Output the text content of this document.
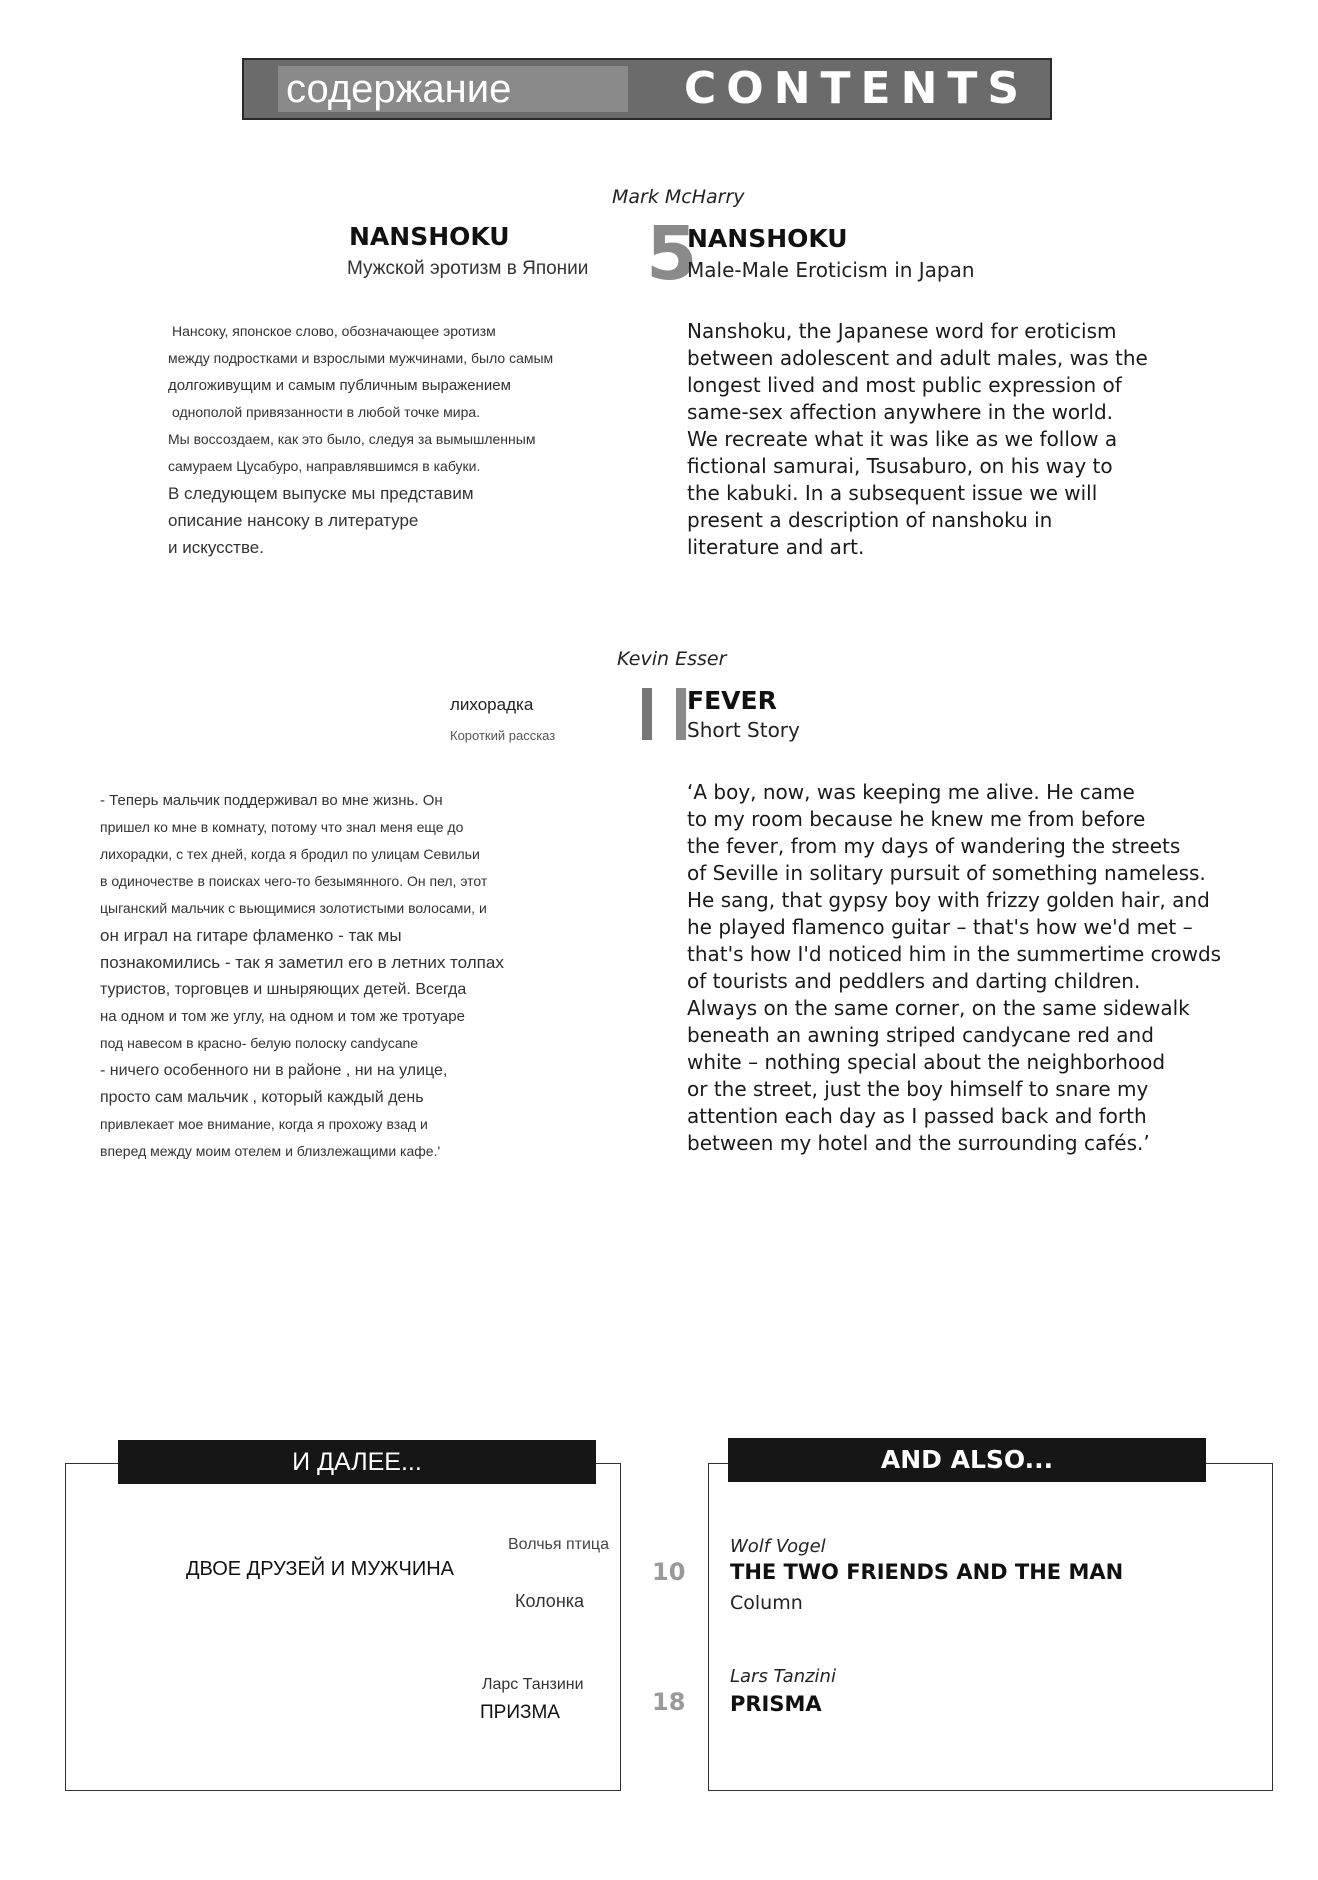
содержание	CONTENTS
Mark McHarry
NANSHOKU
Мужской эротизм в Японии 5
NANSHOKU
Male-Male Eroticism in Japan

Нансоку, японское слово, обозначающее эротизм

между подростками и взрослыми мужчинами, было самым

долгоживущим и самым публичным выражением

однополой привязанности в любой точке мира.

Мы воссоздаем, как это было, следуя за вымышленным

самураем Цусабуро, направлявшимся в кабуки.

В следующем выпуске мы представим

описание нансоку в литературе

и искусстве.

Nanshoku, the Japanese word for eroticism
between adolescent and adult males, was the
longest lived and most public expression of
same-sex affection anywhere in the world.
We recreate what it was like as we follow a
fictional samurai, Tsusaburo, on his way to
the kabuki. In a subsequent issue we will
present a description of nanshoku in
literature and art.
Kevin Esser
лихорадка
Короткий рассказ
FEVER
Short Story

- Теперь мальчик поддерживал во мне жизнь. Он

пришел ко мне в комнату, потому что знал меня еще до

лихорадки, с тех дней, когда я бродил по улицам Севильи

в одиночестве в поисках чего-то безымянного. Он пел, этот

цыганский мальчик с вьющимися золотистыми волосами, и

он играл на гитаре фламенко - так мы

познакомились - так я заметил его в летних толпах

туристов, торговцев и шныряющих детей. Всегда

на одном и том же углу, на одном и том же тротуаре

под навесом в красно- белую полоску candycane

- ничего особенного ни в районе , ни на улице,

просто сам мальчик , который каждый день

привлекает мое внимание, когда я прохожу взад и

вперед между моим отелем и близлежащими кафе.'

‘A boy, now, was keeping me alive. He came
to my room because he knew me from before
the fever, from my days of wandering the streets
of Seville in solitary pursuit of something nameless.
He sang, that gypsy boy with frizzy golden hair, and
he played flamenco guitar – that's how we'd met –
that's how I'd noticed him in the summertime crowds
of tourists and peddlers and darting children.
Always on the same corner, on the same sidewalk
beneath an awning striped candycane red and
white – nothing special about the neighborhood
or the street, just the boy himself to snare my
attention each day as I passed back and forth
between my hotel and the surrounding cafés.’
И ДАЛЕЕ...
Волчья птица
ДВОЕ ДРУЗЕЙ И МУЖЧИНА
Колонка
Ларс Танзини
ПРИЗМА
10
18
AND ALSO...
Wolf Vogel
THE TWO FRIENDS AND THE MAN
Column
Lars Tanzini
PRISMA
